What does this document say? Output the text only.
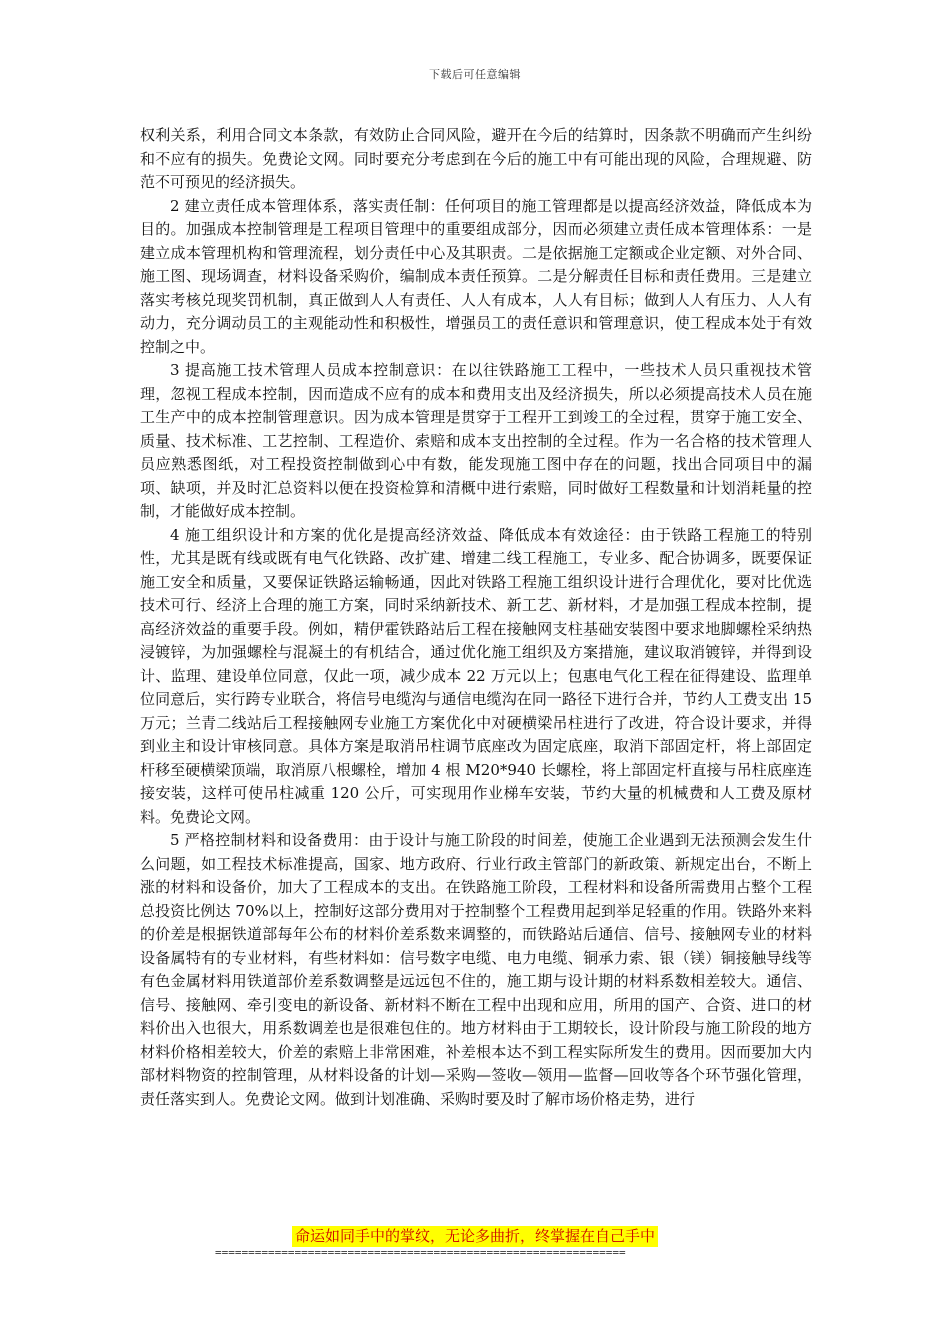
下载后可任意编辑

权利关系，利用合同文本条款，有效防止合同风险，避开在今后的结算时，因条款不明确而产生纠纷和不应有的损失。免费论文网。同时要充分考虑到在今后的施工中有可能出现的风险，合理规避、防范不可预见的经济损失。

2 建立责任成本管理体系，落实责任制：任何项目的施工管理都是以提高经济效益，降低成本为目的。加强成本控制管理是工程项目管理中的重要组成部分，因而必须建立责任成本管理体系：一是建立成本管理机构和管理流程，划分责任中心及其职责。二是依据施工定额或企业定额、对外合同、施工图、现场调查，材料设备采购价，编制成本责任预算。二是分解责任目标和责任费用。三是建立落实考核兑现奖罚机制，真正做到人人有责任、人人有成本，人人有目标；做到人人有压力、人人有动力，充分调动员工的主观能动性和积极性，增强员工的责任意识和管理意识，使工程成本处于有效控制之中。

3 提高施工技术管理人员成本控制意识：在以往铁路施工工程中，一些技术人员只重视技术管理，忽视工程成本控制，因而造成不应有的成本和费用支出及经济损失，所以必须提高技术人员在施工生产中的成本控制管理意识。因为成本管理是贯穿于工程开工到竣工的全过程，贯穿于施工安全、质量、技术标准、工艺控制、工程造价、索赔和成本支出控制的全过程。作为一名合格的技术管理人员应熟悉图纸，对工程投资控制做到心中有数，能发现施工图中存在的问题，找出合同项目中的漏项、缺项，并及时汇总资料以便在投资检算和清概中进行索赔，同时做好工程数量和计划消耗量的控制，才能做好成本控制。

4 施工组织设计和方案的优化是提高经济效益、降低成本有效途径：由于铁路工程施工的特别性，尤其是既有线或既有电气化铁路、改扩建、增建二线工程施工，专业多、配合协调多，既要保证施工安全和质量，又要保证铁路运输畅通，因此对铁路工程施工组织设计进行合理优化，要对比优选技术可行、经济上合理的施工方案，同时采纳新技术、新工艺、新材料，才是加强工程成本控制，提高经济效益的重要手段。例如，精伊霍铁路站后工程在接触网支柱基础安装图中要求地脚螺栓采纳热浸镀锌，为加强螺栓与混凝土的有机结合，通过优化施工组织及方案措施，建议取消镀锌，并得到设计、监理、建设单位同意，仅此一项，减少成本 22 万元以上；包惠电气化工程在征得建设、监理单位同意后，实行跨专业联合，将信号电缆沟与通信电缆沟在同一路径下进行合并，节约人工费支出 15 万元；兰青二线站后工程接触网专业施工方案优化中对硬横梁吊柱进行了改进，符合设计要求，并得到业主和设计审核同意。具体方案是取消吊柱调节底座改为固定底座，取消下部固定杆，将上部固定杆移至硬横梁顶端，取消原八根螺栓，增加 4 根 M20*940 长螺栓，将上部固定杆直接与吊柱底座连接安装，这样可使吊柱减重 120 公斤，可实现用作业梯车安装，节约大量的机械费和人工费及原材料。免费论文网。

5 严格控制材料和设备费用：由于设计与施工阶段的时间差，使施工企业遇到无法预测会发生什么问题，如工程技术标准提高，国家、地方政府、行业行政主管部门的新政策、新规定出台，不断上涨的材料和设备价，加大了工程成本的支出。在铁路施工阶段，工程材料和设备所需费用占整个工程总投资比例达 70%以上，控制好这部分费用对于控制整个工程费用起到举足轻重的作用。铁路外来料的价差是根据铁道部每年公布的材料价差系数来调整的，而铁路站后通信、信号、接触网专业的材料设备属特有的专业材料，有些材料如：信号数字电缆、电力电缆、铜承力索、银（镁）铜接触导线等有色金属材料用铁道部价差系数调整是远远包不住的，施工期与设计期的材料系数相差较大。通信、信号、接触网、牵引变电的新设备、新材料不断在工程中出现和应用，所用的国产、合资、进口的材料价出入也很大，用系数调差也是很难包住的。地方材料由于工期较长，设计阶段与施工阶段的地方材料价格相差较大，价差的索赔上非常困难，补差根本达不到工程实际所发生的费用。因而要加大内部材料物资的控制管理，从材料设备的计划—采购—签收—领用—监督—回收等各个环节强化管理，责任落实到人。免费论文网。做到计划准确、采购时要及时了解市场价格走势，进行

命运如同手中的掌纹，无论多曲折，终掌握在自己手中
==============================================================
